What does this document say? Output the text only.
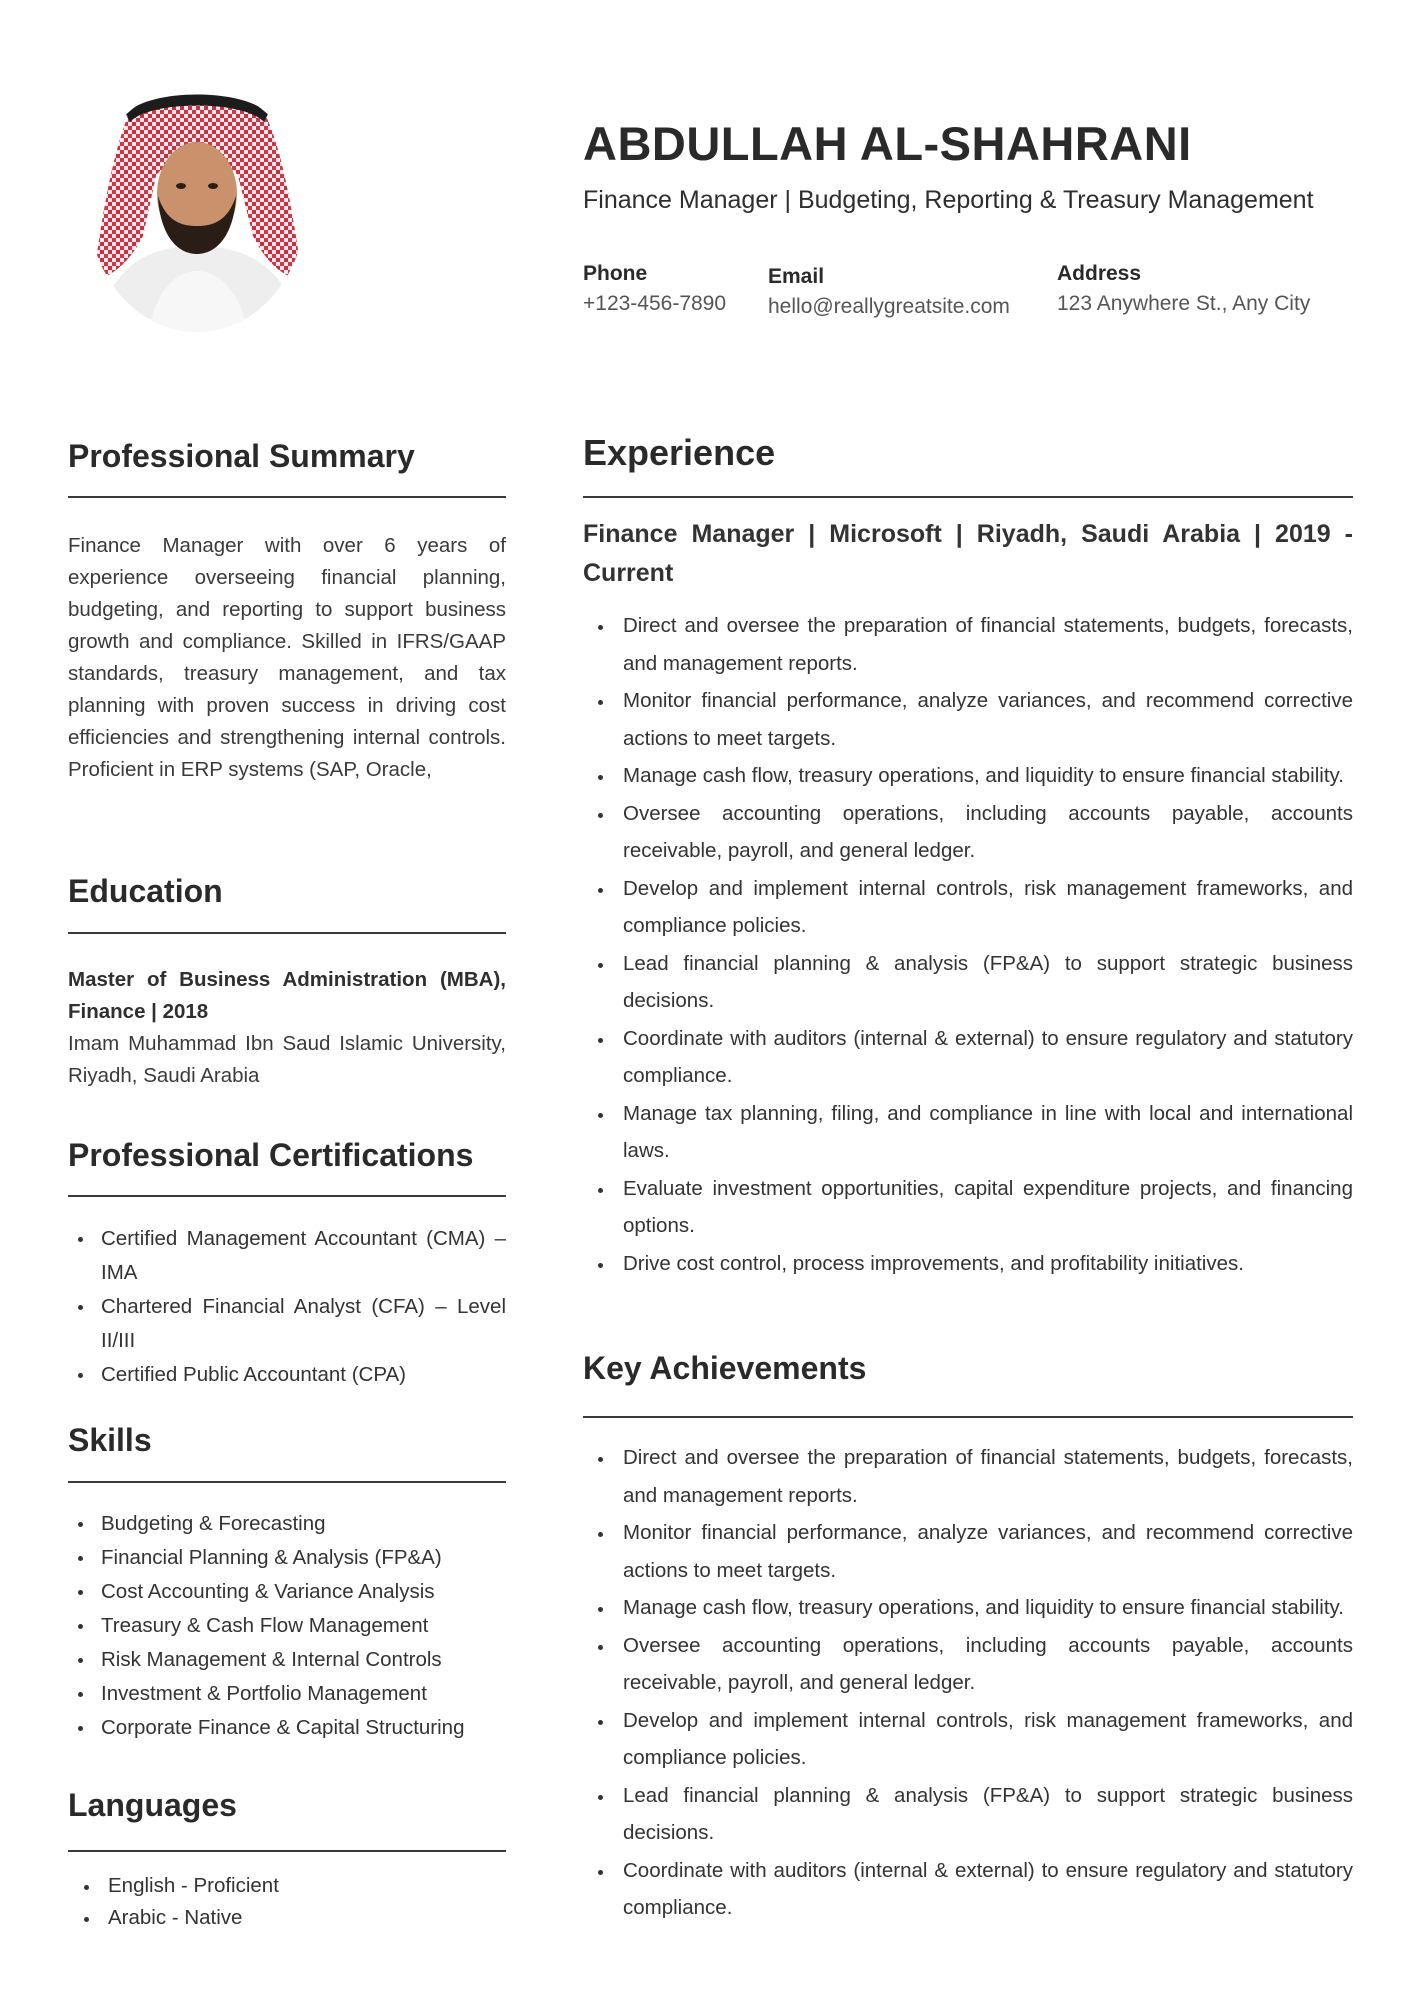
ABDULLAH AL-SHAHRANI
Finance Manager | Budgeting, Reporting & Treasury Management
Phone
+123-456-7890
Email
hello@reallygreatsite.com
Address
123 Anywhere St., Any City
Professional Summary
Finance Manager with over 6 years of experience overseeing financial planning, budgeting, and reporting to support business growth and compliance. Skilled in IFRS/GAAP standards, treasury management, and tax planning with proven success in driving cost efficiencies and strengthening internal controls. Proficient in ERP systems (SAP, Oracle,
Education
Master of Business Administration (MBA), Finance | 2018
Imam Muhammad Ibn Saud Islamic University, Riyadh, Saudi Arabia
Professional Certifications
Certified Management Accountant (CMA) – IMA
Chartered Financial Analyst (CFA) – Level II/III
Certified Public Accountant (CPA)
Skills
Budgeting & Forecasting
Financial Planning & Analysis (FP&A)
Cost Accounting & Variance Analysis
Treasury & Cash Flow Management
Risk Management & Internal Controls
Investment & Portfolio Management
Corporate Finance & Capital Structuring
Languages
English - Proficient
Arabic - Native
Experience
Finance Manager | Microsoft | Riyadh, Saudi Arabia | 2019 - Current
Direct and oversee the preparation of financial statements, budgets, forecasts, and management reports.
Monitor financial performance, analyze variances, and recommend corrective actions to meet targets.
Manage cash flow, treasury operations, and liquidity to ensure financial stability.
Oversee accounting operations, including accounts payable, accounts receivable, payroll, and general ledger.
Develop and implement internal controls, risk management frameworks, and compliance policies.
Lead financial planning & analysis (FP&A) to support strategic business decisions.
Coordinate with auditors (internal & external) to ensure regulatory and statutory compliance.
Manage tax planning, filing, and compliance in line with local and international laws.
Evaluate investment opportunities, capital expenditure projects, and financing options.
Drive cost control, process improvements, and profitability initiatives.
Key Achievements
Direct and oversee the preparation of financial statements, budgets, forecasts, and management reports.
Monitor financial performance, analyze variances, and recommend corrective actions to meet targets.
Manage cash flow, treasury operations, and liquidity to ensure financial stability.
Oversee accounting operations, including accounts payable, accounts receivable, payroll, and general ledger.
Develop and implement internal controls, risk management frameworks, and compliance policies.
Lead financial planning & analysis (FP&A) to support strategic business decisions.
Coordinate with auditors (internal & external) to ensure regulatory and statutory compliance.
